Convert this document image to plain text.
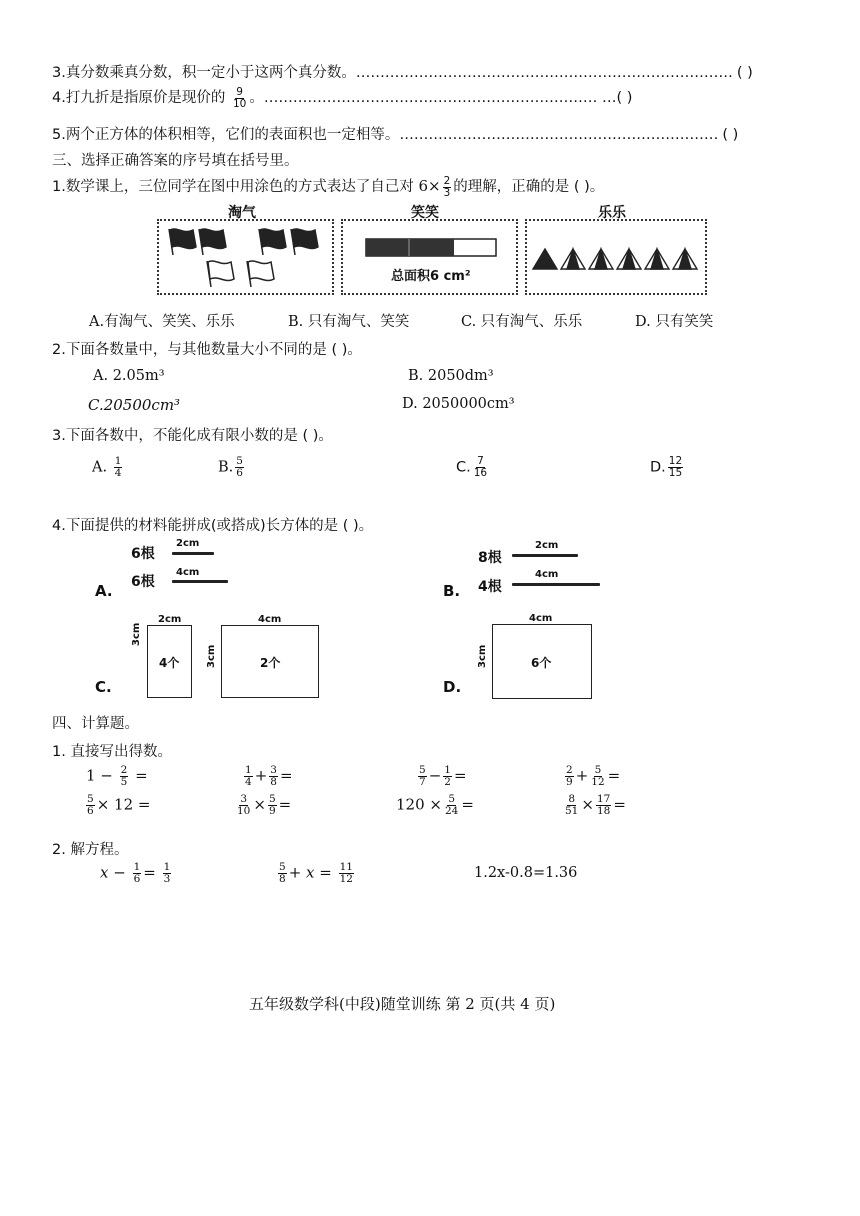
3.真分数乘真分数，积一定小于这两个真分数。…………………………………………………………………… ( )
4.打九折是指原价是现价的 $\frac{9}{10}$ 。…………………………………………………………… …( )
5.两个正方体的体积相等，它们的表面积也一定相等。………………………………………………………… ( )
三、选择正确答案的序号填在括号里。
1.数学课上，三位同学在图中用涂色的方式表达了自己对 $6\times \frac{2}{3}$ 的理解，正确的是 ( )。
淘气	笑笑	乐乐
总面积6 cm²
A.有淘气、笑笑、乐乐	B. 只有淘气、笑笑	C. 只有淘气、乐乐	D. 只有笑笑
2.下面各数量中，与其他数量大小不同的是 ( )。
A. 2.05m³	B. 2050dm³
C.20500cm³	D. 2050000cm³
3.下面各数中，不能化成有限小数的是 ( )。
A. $\frac{1}{4}$	B. $\frac{5}{6}$	C. $\frac{7}{16}$	D. $\frac{12}{15}$
4.下面提供的材料能拼成(或搭成)长方体的是 ( )。
6根
2cm
6根
4cm
A.
8根
2cm
4根
4cm
B.
2cm
3cm
4个
4cm
3cm	2个
C.
4cm
3cm	6个
D.
四、计算题。
1. 直接写出得数。
$1 - \frac{2}{5}$ =	$\frac{1}{4} + \frac{3}{8}$ =	$\frac{5}{7} - \frac{1}{2}$ =	$\frac{2}{9} + \frac{5}{12}$ =
$\frac{5}{6} \times 12$ =	$\frac{3}{10} \times \frac{5}{9}$ =	$120 \times \frac{5}{24}$ =	$\frac{8}{51} \times \frac{17}{18}$ =
2. 解方程。
$x - \frac{1}{6} = \frac{1}{3}$	$\frac{5}{8} + x = \frac{11}{12}$	1.2x-0.8=1.36
五年级数学科(中段)随堂训练 第 2 页(共 4 页)
